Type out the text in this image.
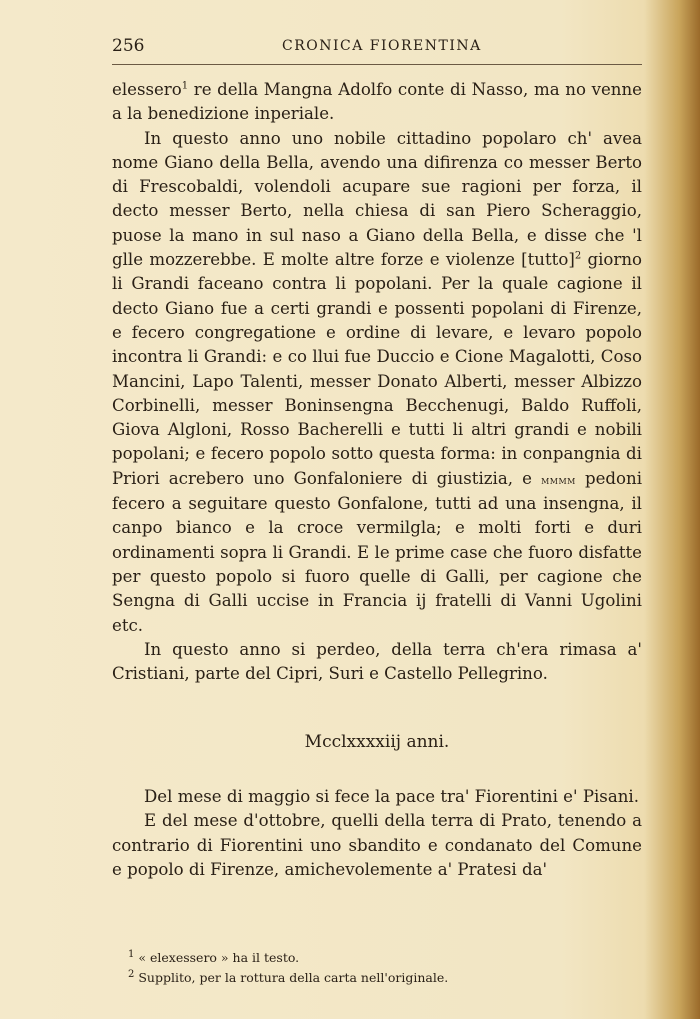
256	CRONICA FIORENTINA

elessero$^1$ re della Mangna Adolfo conte di Nasso, ma no venne a la benedizione inperiale.

In questo anno uno nobile cittadino popolaro ch' avea nome Giano della Bella, avendo una difirenza co messer Berto di Frescobaldi, volendoli acupare sue ragioni per forza, il decto messer Berto, nella chiesa di san Piero Scheraggio, puose la mano in sul naso a Giano della Bella, e disse che 'l glle mozzerebbe. E molte altre forze e violenze [tutto]$^2$ giorno li Grandi faceano contra li popolani. Per la quale cagione il decto Giano fue a certi grandi e possenti popolani di Firenze, e fecero congregatione e ordine di levare, e levaro popolo incontra li Grandi: e co llui fue Duccio e Cione Magalotti, Coso Mancini, Lapo Talenti, messer Donato Alberti, messer Albizzo Corbinelli, messer Boninsengna Becchenugi, Baldo Ruffoli, Giova Algloni, Rosso Bacherelli e tutti li altri grandi e nobili popolani; e fecero popolo sotto questa forma: in conpangnia di Priori acrebero uno Gonfaloniere di giustizia, e mmmm pedoni fecero a seguitare questo Gonfalone, tutti ad una insengna, il canpo bianco e la croce vermilgla; e molti forti e duri ordinamenti sopra li Grandi. E le prime case che fuoro disfatte per questo popolo si fuoro quelle di Galli, per cagione che Sengna di Galli uccise in Francia ij fratelli di Vanni Ugolini etc.

In questo anno si perdeo, della terra ch'era rimasa a' Cristiani, parte del Cipri, Suri e Castello Pellegrino.

Mcclxxxxiij anni.

Del mese di maggio si fece la pace tra' Fiorentini e' Pisani.

E del mese d'ottobre, quelli della terra di Prato, tenendo a contrario di Fiorentini uno sbandito e condanato del Comune e popolo di Firenze, amichevolemente a' Pratesi da'

$^1$ « elexessero » ha il testo.
$^2$ Supplito, per la rottura della carta nell'originale.
